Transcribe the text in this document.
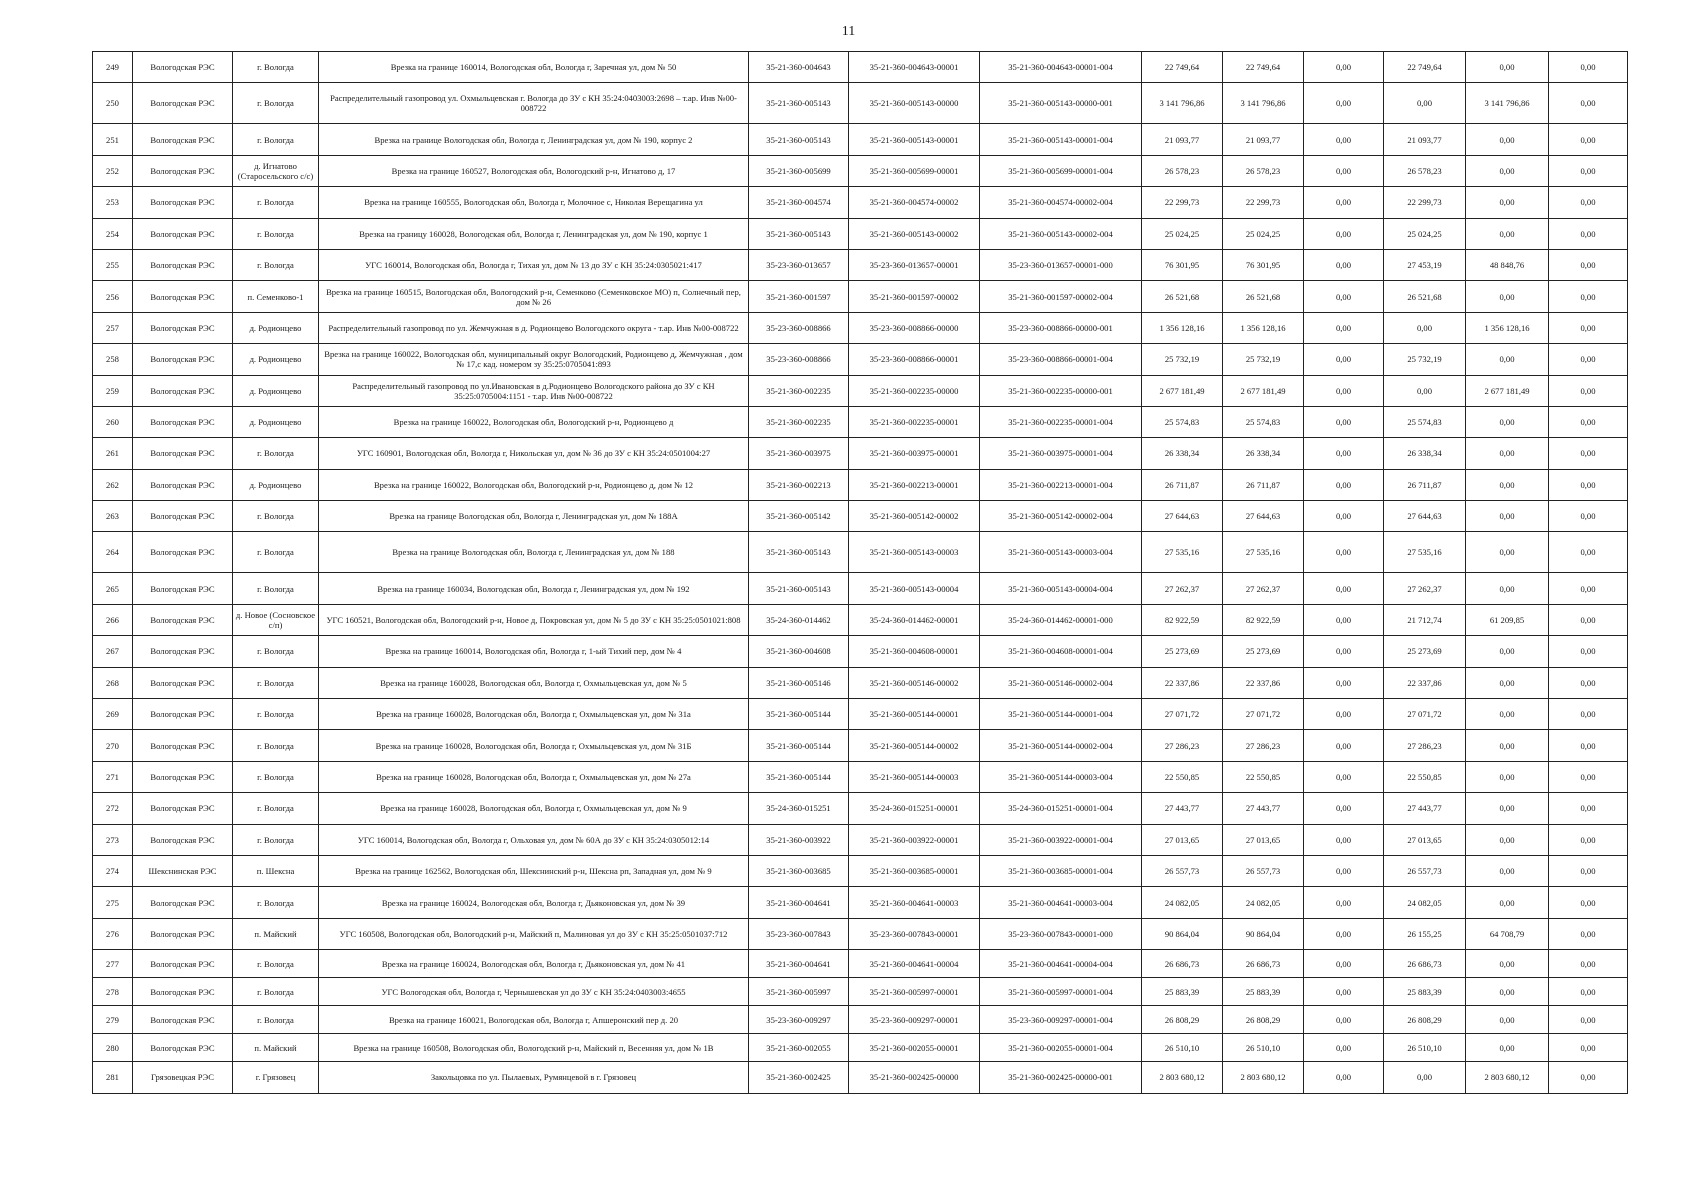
11
249	Вологодская РЭС	г. Вологда	Врезка на границе 160014, Вологодская обл, Вологда г, Заречная ул, дом № 50	35-21-360-004643	35-21-360-004643-00001	35-21-360-004643-00001-004	22 749,64	22 749,64	0,00	22 749,64	0,00	0,00
250	Вологодская РЭС	г. Вологда	Распределительный газопровод ул. Охмыльцевская г. Вологда до ЗУ с КН 35:24:0403003:2698 – т.ар. Инв №00-008722	35-21-360-005143	35-21-360-005143-00000	35-21-360-005143-00000-001	3 141 796,86	3 141 796,86	0,00	0,00	3 141 796,86	0,00
251	Вологодская РЭС	г. Вологда	Врезка на границе Вологодская обл, Вологда г, Ленинградская ул, дом № 190, корпус 2	35-21-360-005143	35-21-360-005143-00001	35-21-360-005143-00001-004	21 093,77	21 093,77	0,00	21 093,77	0,00	0,00
252	Вологодская РЭС	д. Игнатово (Старосельского с/с)	Врезка на границе 160527, Вологодская обл, Вологодский р-н, Игнатово д, 17	35-21-360-005699	35-21-360-005699-00001	35-21-360-005699-00001-004	26 578,23	26 578,23	0,00	26 578,23	0,00	0,00
253	Вологодская РЭС	г. Вологда	Врезка на границе 160555, Вологодская обл, Вологда г, Молочное с, Николая Верещагина ул	35-21-360-004574	35-21-360-004574-00002	35-21-360-004574-00002-004	22 299,73	22 299,73	0,00	22 299,73	0,00	0,00
254	Вологодская РЭС	г. Вологда	Врезка на границу 160028, Вологодская обл, Вологда г, Ленинградская ул, дом № 190, корпус 1	35-21-360-005143	35-21-360-005143-00002	35-21-360-005143-00002-004	25 024,25	25 024,25	0,00	25 024,25	0,00	0,00
255	Вологодская РЭС	г. Вологда	УГС 160014, Вологодская обл, Вологда г, Тихая ул, дом № 13 до ЗУ с КН 35:24:0305021:417	35-23-360-013657	35-23-360-013657-00001	35-23-360-013657-00001-000	76 301,95	76 301,95	0,00	27 453,19	48 848,76	0,00
256	Вологодская РЭС	п. Семенково-1	Врезка на границе 160515, Вологодская обл, Вологодский р-н, Семенково (Семенковское МО) п, Солнечный пер, дом № 26	35-21-360-001597	35-21-360-001597-00002	35-21-360-001597-00002-004	26 521,68	26 521,68	0,00	26 521,68	0,00	0,00
257	Вологодская РЭС	д. Родионцево	Распределительный газопровод по ул. Жемчужная в д. Родионцево Вологодского округа - т.ар. Инв №00-008722	35-23-360-008866	35-23-360-008866-00000	35-23-360-008866-00000-001	1 356 128,16	1 356 128,16	0,00	0,00	1 356 128,16	0,00
258	Вологодская РЭС	д. Родионцево	Врезка на границе 160022, Вологодская обл, муниципальный округ Вологодский, Родионцево д, Жемчужная , дом № 17,с кад. номером зу 35:25:0705041:893	35-23-360-008866	35-23-360-008866-00001	35-23-360-008866-00001-004	25 732,19	25 732,19	0,00	25 732,19	0,00	0,00
259	Вологодская РЭС	д. Родионцево	Распределительный газопровод по ул.Ивановская в д.Родионцево Вологодского района до ЗУ с КН 35:25:0705004:1151 - т.ар. Инв №00-008722	35-21-360-002235	35-21-360-002235-00000	35-21-360-002235-00000-001	2 677 181,49	2 677 181,49	0,00	0,00	2 677 181,49	0,00
260	Вологодская РЭС	д. Родионцево	Врезка на границе 160022, Вологодская обл, Вологодский р-н, Родионцево д	35-21-360-002235	35-21-360-002235-00001	35-21-360-002235-00001-004	25 574,83	25 574,83	0,00	25 574,83	0,00	0,00
261	Вологодская РЭС	г. Вологда	УГС 160901, Вологодская обл, Вологда г, Никольская ул, дом № 36 до ЗУ с КН 35:24:0501004:27	35-21-360-003975	35-21-360-003975-00001	35-21-360-003975-00001-004	26 338,34	26 338,34	0,00	26 338,34	0,00	0,00
262	Вологодская РЭС	д. Родионцево	Врезка на границе 160022, Вологодская обл, Вологодский р-н, Родионцево д, дом № 12	35-21-360-002213	35-21-360-002213-00001	35-21-360-002213-00001-004	26 711,87	26 711,87	0,00	26 711,87	0,00	0,00
263	Вологодская РЭС	г. Вологда	Врезка на границе Вологодская обл, Вологда г, Ленинградская ул, дом № 188А	35-21-360-005142	35-21-360-005142-00002	35-21-360-005142-00002-004	27 644,63	27 644,63	0,00	27 644,63	0,00	0,00
264	Вологодская РЭС	г. Вологда	Врезка на границе Вологодская обл, Вологда г, Ленинградская ул, дом № 188	35-21-360-005143	35-21-360-005143-00003	35-21-360-005143-00003-004	27 535,16	27 535,16	0,00	27 535,16	0,00	0,00
265	Вологодская РЭС	г. Вологда	Врезка на границе 160034, Вологодская обл, Вологда г, Ленинградская ул, дом № 192	35-21-360-005143	35-21-360-005143-00004	35-21-360-005143-00004-004	27 262,37	27 262,37	0,00	27 262,37	0,00	0,00
266	Вологодская РЭС	д. Новое (Сосновское с/п)	УГС 160521, Вологодская обл, Вологодский р-н, Новое д, Покровская ул, дом № 5 до ЗУ с КН 35:25:0501021:808	35-24-360-014462	35-24-360-014462-00001	35-24-360-014462-00001-000	82 922,59	82 922,59	0,00	21 712,74	61 209,85	0,00
267	Вологодская РЭС	г. Вологда	Врезка на границе 160014, Вологодская обл, Вологда г, 1-ый Тихий пер, дом № 4	35-21-360-004608	35-21-360-004608-00001	35-21-360-004608-00001-004	25 273,69	25 273,69	0,00	25 273,69	0,00	0,00
268	Вологодская РЭС	г. Вологда	Врезка на границе 160028, Вологодская обл, Вологда г, Охмыльцевская ул, дом № 5	35-21-360-005146	35-21-360-005146-00002	35-21-360-005146-00002-004	22 337,86	22 337,86	0,00	22 337,86	0,00	0,00
269	Вологодская РЭС	г. Вологда	Врезка на границе 160028, Вологодская обл, Вологда г, Охмыльцевская ул, дом № 31а	35-21-360-005144	35-21-360-005144-00001	35-21-360-005144-00001-004	27 071,72	27 071,72	0,00	27 071,72	0,00	0,00
270	Вологодская РЭС	г. Вологда	Врезка на границе 160028, Вологодская обл, Вологда г, Охмыльцевская ул, дом № 31Б	35-21-360-005144	35-21-360-005144-00002	35-21-360-005144-00002-004	27 286,23	27 286,23	0,00	27 286,23	0,00	0,00
271	Вологодская РЭС	г. Вологда	Врезка на границе 160028, Вологодская обл, Вологда г, Охмыльцевская ул, дом № 27а	35-21-360-005144	35-21-360-005144-00003	35-21-360-005144-00003-004	22 550,85	22 550,85	0,00	22 550,85	0,00	0,00
272	Вологодская РЭС	г. Вологда	Врезка на границе 160028, Вологодская обл, Вологда г, Охмыльцевская ул, дом № 9	35-24-360-015251	35-24-360-015251-00001	35-24-360-015251-00001-004	27 443,77	27 443,77	0,00	27 443,77	0,00	0,00
273	Вологодская РЭС	г. Вологда	УГС 160014, Вологодская обл, Вологда г, Ольховая ул, дом № 60А до ЗУ с КН 35:24:0305012:14	35-21-360-003922	35-21-360-003922-00001	35-21-360-003922-00001-004	27 013,65	27 013,65	0,00	27 013,65	0,00	0,00
274	Шекснинская РЭС	п. Шексна	Врезка на границе 162562, Вологодская обл, Шекснинский р-н, Шексна рп, Западная ул, дом № 9	35-21-360-003685	35-21-360-003685-00001	35-21-360-003685-00001-004	26 557,73	26 557,73	0,00	26 557,73	0,00	0,00
275	Вологодская РЭС	г. Вологда	Врезка на границе 160024, Вологодская обл, Вологда г, Дьяконовская ул, дом № 39	35-21-360-004641	35-21-360-004641-00003	35-21-360-004641-00003-004	24 082,05	24 082,05	0,00	24 082,05	0,00	0,00
276	Вологодская РЭС	п. Майский	УГС 160508, Вологодская обл, Вологодский р-н, Майский п, Малиновая ул до ЗУ с КН 35:25:0501037:712	35-23-360-007843	35-23-360-007843-00001	35-23-360-007843-00001-000	90 864,04	90 864,04	0,00	26 155,25	64 708,79	0,00
277	Вологодская РЭС	г. Вологда	Врезка на границе 160024, Вологодская обл, Вологда г, Дьяконовская ул, дом № 41	35-21-360-004641	35-21-360-004641-00004	35-21-360-004641-00004-004	26 686,73	26 686,73	0,00	26 686,73	0,00	0,00
278	Вологодская РЭС	г. Вологда	УГС Вологодская обл, Вологда г, Чернышевская ул до ЗУ с КН 35:24:0403003:4655	35-21-360-005997	35-21-360-005997-00001	35-21-360-005997-00001-004	25 883,39	25 883,39	0,00	25 883,39	0,00	0,00
279	Вологодская РЭС	г. Вологда	Врезка на границе 160021, Вологодская обл, Вологда г, Апшеронский пер д. 20	35-23-360-009297	35-23-360-009297-00001	35-23-360-009297-00001-004	26 808,29	26 808,29	0,00	26 808,29	0,00	0,00
280	Вологодская РЭС	п. Майский	Врезка на границе 160508, Вологодская обл, Вологодский р-н, Майский п, Весенняя ул, дом № 1В	35-21-360-002055	35-21-360-002055-00001	35-21-360-002055-00001-004	26 510,10	26 510,10	0,00	26 510,10	0,00	0,00
281	Грязовецкая РЭС	г. Грязовец	Закольцовка по ул. Пылаевых, Румянцевой в г. Грязовец	35-21-360-002425	35-21-360-002425-00000	35-21-360-002425-00000-001	2 803 680,12	2 803 680,12	0,00	0,00	2 803 680,12	0,00
